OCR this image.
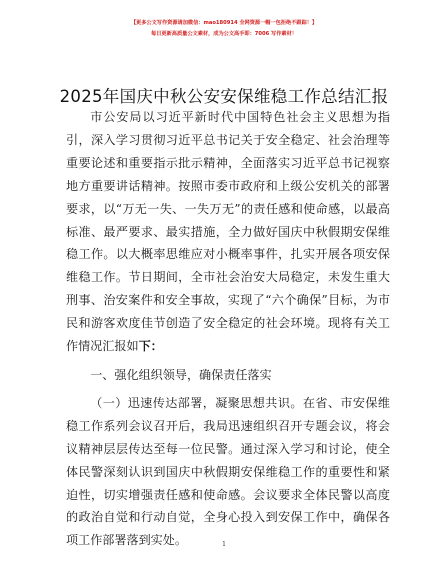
【更多公文写作资源请加微信：mao180914 全网资源一帽一包拒绝不跟踪！】
每日更新高质量公文素材，成为公文高手即：7006 写作素材！
2025年国庆中秋公安安保维稳工作总结汇报

市公安局以习近平新时代中国特色社会主义思想为指引，深入学习贯彻习近平总书记关于安全稳定、社会治理等重要论述和重要指示批示精神，全面落实习近平总书记视察地方重要讲话精神。按照市委市政府和上级公安机关的部署要求，以“万无一失、一失万无”的责任感和使命感，以最高标准、最严要求、最实措施，全力做好国庆中秋假期安保维稳工作。以大概率思维应对小概率事件，扎实开展各项安保维稳工作。节日期间，全市社会治安大局稳定，未发生重大刑事、治安案件和安全事故，实现了“六个确保”目标，为市民和游客欢度佳节创造了安全稳定的社会环境。现将有关工作情况汇报如下：

一、强化组织领导，确保责任落实

（一）迅速传达部署，凝聚思想共识。在省、市安保维稳工作系列会议召开后，我局迅速组织召开专题会议，将会议精神层层传达至每一位民警。通过深入学习和讨论，使全体民警深刻认识到国庆中秋假期安保维稳工作的重要性和紧迫性，切实增强责任感和使命感。会议要求全体民警以高度的政治自觉和行动自觉，全身心投入到安保工作中，确保各项工作部署落到实处。	1
